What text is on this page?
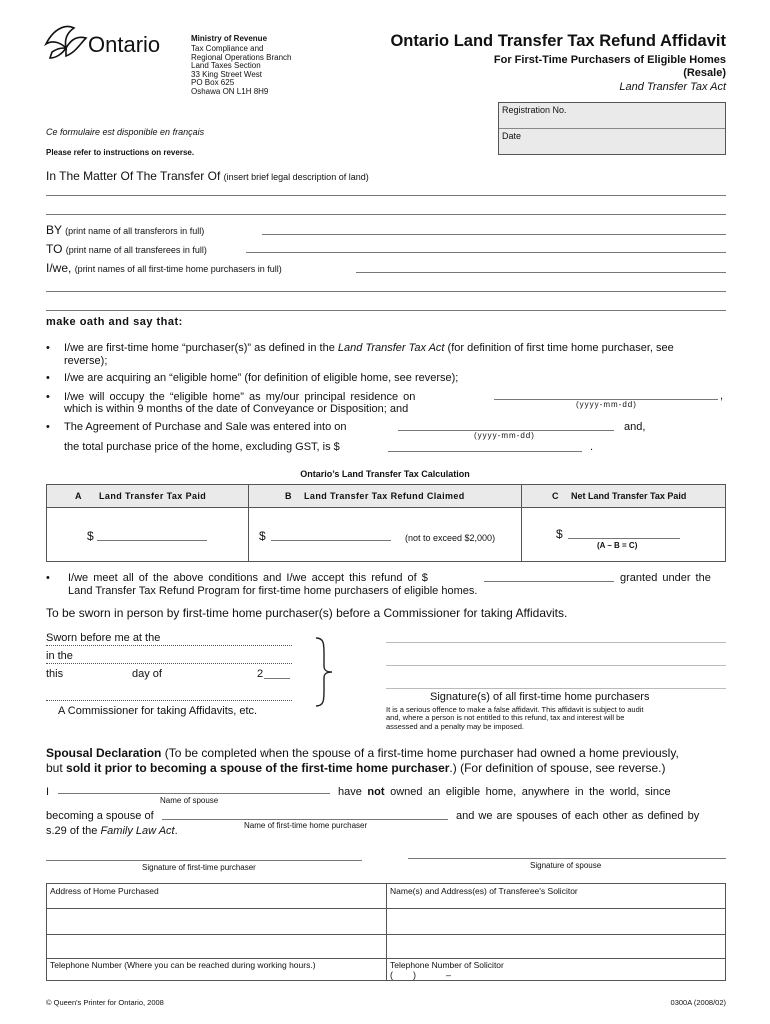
Ontario	Ministry of Revenue
Tax Compliance and
Regional Operations Branch
Land Taxes Section
33 King Street West
PO Box 625
Oshawa ON L1H 8H9
Ontario Land Transfer Tax Refund Affidavit
For First-Time Purchasers of Eligible Homes
(Resale)
Land Transfer Tax Act
Registration No.
Date
Ce formulaire est disponible en français
Please refer to instructions on reverse.
In The Matter Of The Transfer Of (insert brief legal description of land)
BY (print name of all transferors in full)
TO (print name of all transferees in full)
I/we, (print names of all first-time home purchasers in full)
make oath and say that:
• I/we are first-time home “purchaser(s)” as defined in the Land Transfer Tax Act (for definition of first time home purchaser, see
reverse);
• I/we are acquiring an “eligible home” (for definition of eligible home, see reverse);
• I/we will occupy the “eligible home” as my/our principal residence on	,
(yyyy-mm-dd)
which is within 9 months of the date of Conveyance or Disposition; and
• The Agreement of Purchase and Sale was entered into on	and,
(yyyy-mm-dd)
the total purchase price of the home, excluding GST, is $	.
Ontario’s Land Transfer Tax Calculation
A Land Transfer Tax Paid	B Land Transfer Tax Refund Claimed	C Net Land Transfer Tax Paid
$	$	(not to exceed $2,000)	$
(A – B = C)
• I/we meet all of the above conditions and I/we accept this refund of $	granted under the
Land Transfer Tax Refund Program for first-time home purchasers of eligible homes.
To be sworn in person by first-time home purchaser(s) before a Commissioner for taking Affidavits.
Sworn before me at the
in the
this	day of	2
A Commissioner for taking Affidavits, etc.
Signature(s) of all first-time home purchasers
It is a serious offence to make a false affidavit. This affidavit is subject to audit
and, where a person is not entitled to this refund, tax and interest will be
assessed and a penalty may be imposed.
Spousal Declaration (To be completed when the spouse of a first-time home purchaser had owned a home previously,
but sold it prior to becoming a spouse of the first-time home purchaser.) (For definition of spouse, see reverse.)
I
Name of spouse
have not owned an eligible home, anywhere in the world, since
becoming a spouse of
Name of first-time home purchaser
and we are spouses of each other as defined by
s.29 of the Family Law Act.
Signature of first-time purchaser	Signature of spouse
Address of Home Purchased	Name(s) and Address(es) of Transferee's Solicitor
Telephone Number (Where you can be reached during working hours.)	Telephone Number of Solicitor
( )	–
© Queen's Printer for Ontario, 2008	0300A (2008/02)
